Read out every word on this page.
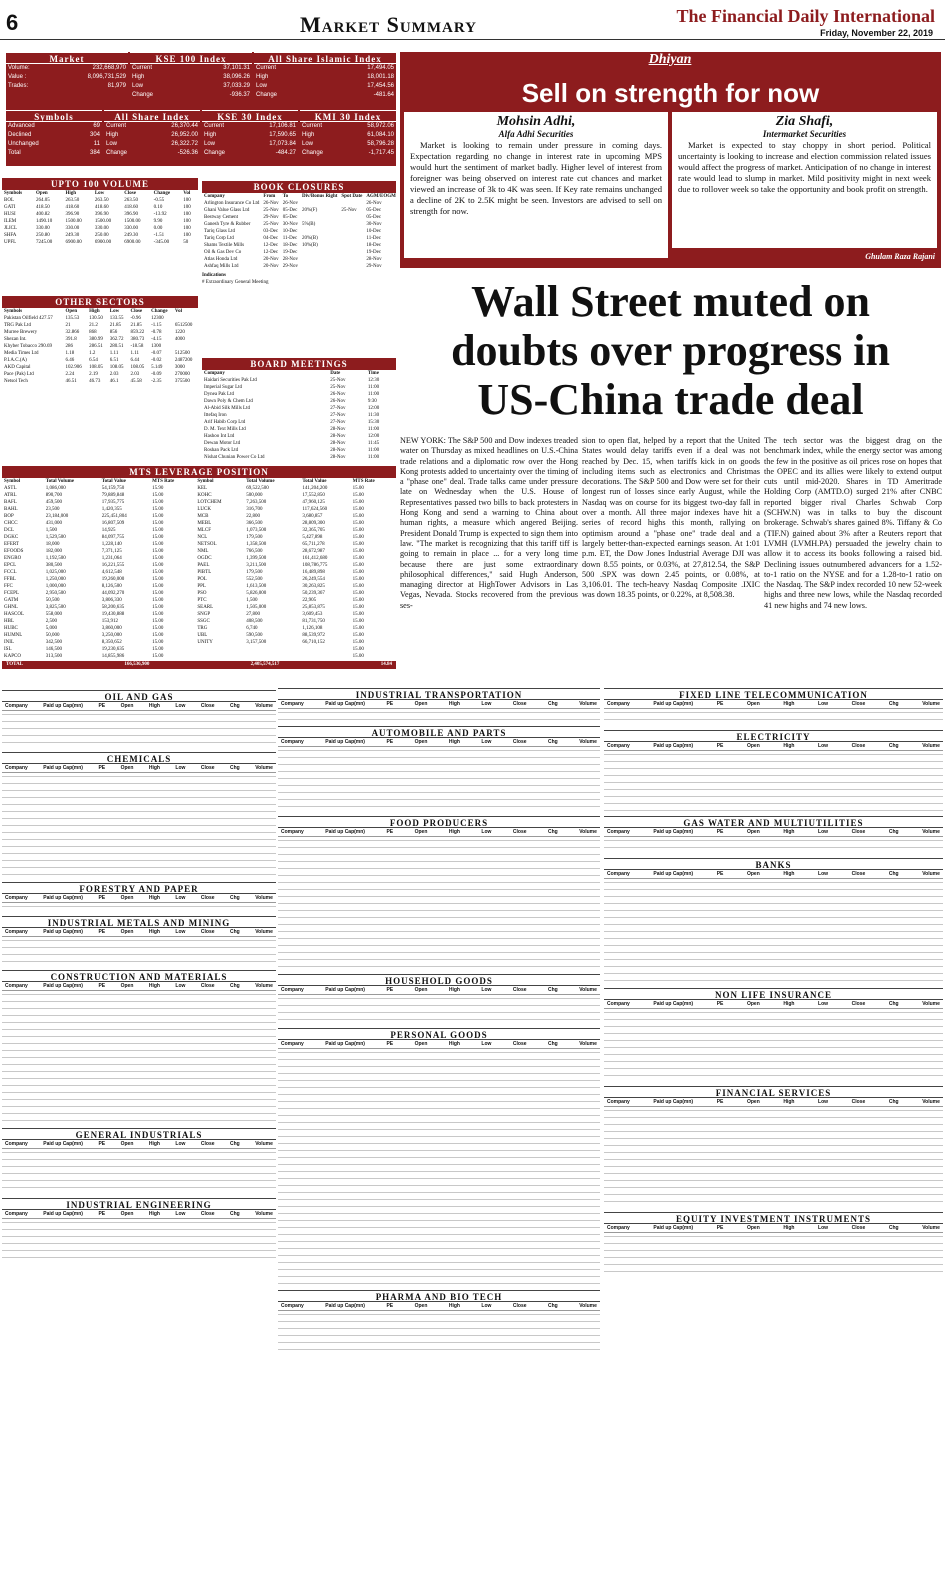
6	Market Summary	The Financial Daily International
Friday, November 22, 2019
Market
Volume:	232,668,970
Value :	8,096,731,529
Trades:	81,979
KSE 100 Index
Current	37,101.31
High	38,096.26
Low	37,033.29
Change	-936.37
All Share Islamic Index
Current	17,494.05
High	18,001.18
Low	17,454.56
Change	-481.64
Symbols
Advanced	69
Declined	304
Unchanged	11
Total	384
All Share Index
Current	26,370.44
High	26,952.00
Low	26,322.72
Change	-526.36
KSE 30 Index
Current	17,106.81
High	17,590.65
Low	17,073.84
Change	-484.27
KMI 30 Index
Current	58,972.06
High	61,084.10
Low	58,796.28
Change	-1,717.45
UPTO 100 VOLUME
Symbols	Open	High	Low	Close	Change	Vol
BOL	264.05	263.50	263.50	263.50	-0.55	100
GATI	418.50	418.60	418.60	418.60	0.10	100
HUSI	400.82	396.90	396.90	396.90	-13.92	100
ILEM	1490.10	1500.00	1500.00	1500.00	9.90	100
JLICL	330.00	330.00	330.00	330.00	0.00	100
SHFA	250.80	249.30	250.00	249.30	-1.51	100
UPFL	7245.00	6900.00	6900.00	6900.00	-345.00	50
OTHER SECTORS
Symbols	Open	High	Low	Close	Change	Vol
Pakistan Oilfield 427.57	135.53	130.50	133.55	-0.96	12300	
TRG Pak Ltd	21	21.2	21.85	21.85	-1.15	6512500
Murree Brewery	32.866	868	856	859.22	-0.78	1220
Shezan Int.	391.8	380.99	362.72	380.73	-4.15	4000
Khyber Tobacco 290.69	286	286.51	280.51	-18.58	1300	
Media Times Ltd	1.18	1.2	1.11	1.11	-0.07	512500
P.I.A.C.(A)	6.46	6.54	6.51	6.44	-0.02	2487200
AKD Capital	102.906	108.05	108.05	108.05	5.149	3000
Pace (Pak) Ltd	2.24	2.19	2.03	2.03	-0.09	270000
Netsol Tech	46.51	46.73	46.1	45.58	-2.35	375500
BOOK CLOSURES
Company	From	To	Div/Bonus Right	Spot Date	AGM/EOGM
Arlington Insurance Co Ltd	26-Nov	26-Nov			26-Nov
Ghani Value Glass Ltd	25-Nov	05-Dec	20%(F)	25-Nov	05-Dec
Bestway Cement	29-Nov	05-Dec			05-Dec
Ganesh Tyre & Rubber	25-Nov	30-Nov	5%(B)		30-Nov
Tariq Glass Ltd	03-Dec	10-Dec			10-Dec
Tariq Corp Ltd	04-Dec	11-Dec	20%(B)		11-Dec
Shams Textile Mills	12-Dec	18-Dec	10%(B)		18-Dec
Oil & Gas Dev Co	12-Dec	19-Dec			19-Dec
Atlas Honda Ltd	20-Nov	28-Nov			28-Nov
Ashfaq Mills Ltd	20-Nov	29-Nov			29-Nov
Indications
# Extraordinary General Meeting
BOARD MEETINGS
Company	Date	Time
Haidari Securities Pak Ltd	25-Nov	12:30
Imperial Sugar Ltd	25-Nov	11:00
Dynea Pak Ltd	26-Nov	11:00
Dawn Poly & Chem Ltd	26-Nov	9:30
Al-Abid Silk Mills Ltd	27-Nov	12:00
Ittefaq Iron	27-Nov	11:30
Arif Habib Corp Ltd	27-Nov	15:30
D. M. Text Mills Ltd	28-Nov	11:00
Hashoo Int Ltd	28-Nov	12:00
Dewan Motor Ltd	28-Nov	11:45
Roshan Pack Ltd	28-Nov	11:00
Nishat Chunian Power Co Ltd	28-Nov	11:00
MTS LEVERAGE POSITION
Symbol	Total Volume	Total Value	MTS Rate	Symbol	Total Volume	Total Value	MTS Rate
ASTL	1,086,000	54,159,750	15.90	KEL	69,522,500	141,204,200	15.00
ATRL	890,700	79,889,848	15.00	KOHC	500,000	17,552,850	15.00
BAFL	459,500	17,935,775	15.00	LOTCHEM	7,263,500	47,960,125	15.00
BAHL	23,500	1,420,355	15.00	LUCK	316,700	117,624,560	15.00
BOP	23,184,000	225,451,804	15.00	MCB	22,800	3,680,857	15.00
CHCC	431,000	16,807,509	15.00	MEBL	366,500	28,809,300	15.00
DCL	1,500	14,925	15.00	MLCF	1,073,500	32,365,705	15.00
DGKC	1,529,500	84,097,755	15.00	NCL	179,500	5,427,898	15.00
EFERT	18,000	1,228,140	15.00	NETSOL	1,358,500	65,711,278	15.00
EFOODS	182,000	7,371,125	15.00	NML	766,500	28,672,987	15.00
ENGRO	1,192,500	1,231,064	15.00	OGDC	1,399,500	161,412,680	15.00
EPCL	380,500	16,221,555	15.00	PAEL	3,211,500	108,786,775	15.00
FCCL	1,025,000	4,612,548	15.00	PIBTL	179,500	16,489,898	15.00
FFBL	1,250,000	19,260,000	15.00	POL	552,500	26,249,554	15.00
FFC	1,000,000	8,126,500	15.00	PPL	1,613,500	30,263,825	15.00
FCEPL	2,950,500	44,092,270	15.00	PSO	5,826,000	50,239,367	15.00
GATM	50,500	3,806,330	15.00	PTC	1,500	22,905	15.00
GHNL	3,825,500	58,200,635	15.00	SEARL	1,505,000	25,853,875	15.00
HASCOL	558,000	19,430,888	15.00	SNGP	27,800	3,609,453	15.00
HBL	2,500	153,912	15.00	SSGC	408,500	81,731,750	15.00
HUBC	5,000	3,860,000	15.00	TRG	6,740	1,126,108	15.00
HUMNL	50,000	3,250,000	15.00	UBL	590,500	88,539,972	15.00
INIL	342,500	8,350,652	15.00	UNITY	3,157,500	66,710,152	15.00
ISL	146,500	19,230,635	15.00				15.00
KAPCO	313,500	14,855,986	15.00				15.00
TOTAL	166,536,900	2,405,574,517	14.84
Dhiyan
Sell on strength for now
Mohsin Adhi,
Alfa Adhi Securities
Market is looking to remain under pressure in coming days. Expectation regarding no change in interest rate in upcoming MPS would hurt the sentiment of market badly. Higher level of interest from foreigner was being observed on interest rate cut chances and market viewed an increase of 3k to 4K was seen. If Key rate remains unchanged a decline of 2K to 2.5K might be seen. Investors are advised to sell on strength for now.
Zia Shafi,
Intermarket Securities
Market is expected to stay choppy in short period. Political uncertainty is looking to increase and election commission related issues would affect the progress of market. Anticipation of no change in interest rate would lead to slump in market. Mild positivity might in next week due to rollover week so take the opportunity and book profit on strength.
Ghulam Raza Rajani
Wall Street muted on doubts over progress in US-China trade deal
NEW YORK: The S&P 500 and Dow indexes treaded water on Thursday as mixed headlines on U.S.-China trade relations and a diplomatic row over the Hong Kong protests added to uncertainty over the timing of a "phase one" deal. Trade talks came under pressure late on Wednesday when the U.S. House of Representatives passed two bills to back protesters in Hong Kong and send a warning to China about human rights, a measure which angered Beijing. President Donald Trump is expected to sign them into law. "The market is recognizing that this tariff tiff is going to remain in place ... for a very long time because there are just some extraordinary philosophical differences," said Hugh Anderson, managing director at HighTower Advisors in Las Vegas, Nevada. Stocks recovered from the previous ses-
sion to open flat, helped by a report that the United States would delay tariffs even if a deal was not reached by Dec. 15, when tariffs kick in on goods including items such as electronics and Christmas decorations. The S&P 500 and Dow were set for their longest run of losses since early August, while the Nasdaq was on course for its biggest two-day fall in over a month. All three major indexes have hit a series of record highs this month, rallying on optimism around a "phase one" trade deal and a largely better-than-expected earnings season. At 1:01 p.m. ET, the Dow Jones Industrial Average DJI was down 8.55 points, or 0.03%, at 27,812.54, the S&P 500 .SPX was down 2.45 points, or 0.08%, at 3,106.01. The tech-heavy Nasdaq Composite .IXIC was down 18.35 points, or 0.22%, at 8,508.38.
The tech sector was the biggest drag on the benchmark index, while the energy sector was among the few in the positive as oil prices rose on hopes that the OPEC and its allies were likely to extend output cuts until mid-2020. Shares in TD Ameritrade Holding Corp (AMTD.O) surged 21% after CNBC reported bigger rival Charles Schwab Corp (SCHW.N) was in talks to buy the discount brokerage. Schwab's shares gained 8%. Tiffany & Co (TIF.N) gained about 3% after a Reuters report that LVMH (LVMH.PA) persuaded the jewelry chain to allow it to access its books following a raised bid. Declining issues outnumbered advancers for a 1.52-to-1 ratio on the NYSE and for a 1.28-to-1 ratio on the Nasdaq. The S&P index recorded 10 new 52-week highs and three new lows, while the Nasdaq recorded 41 new highs and 74 new lows.
OIL AND GAS
Company	Paid up Cap(mn)	PE	Open	High	Low	Close	Chg	Volume
CHEMICALS
Company	Paid up Cap(mn)	PE	Open	High	Low	Close	Chg	Volume
FORESTRY AND PAPER
Company	Paid up Cap(mn)	PE	Open	High	Low	Close	Chg	Volume
INDUSTRIAL METALS AND MINING
Company	Paid up Cap(mn)	PE	Open	High	Low	Close	Chg	Volume
CONSTRUCTION AND MATERIALS
Company	Paid up Cap(mn)	PE	Open	High	Low	Close	Chg	Volume
GENERAL INDUSTRIALS
Company	Paid up Cap(mn)	PE	Open	High	Low	Close	Chg	Volume
INDUSTRIAL ENGINEERING
Company	Paid up Cap(mn)	PE	Open	High	Low	Close	Chg	Volume
INDUSTRIAL TRANSPORTATION
Company	Paid up Cap(mn)	PE	Open	High	Low	Close	Chg	Volume
AUTOMOBILE AND PARTS
Company	Paid up Cap(mn)	PE	Open	High	Low	Close	Chg	Volume
FOOD PRODUCERS
Company	Paid up Cap(mn)	PE	Open	High	Low	Close	Chg	Volume
HOUSEHOLD GOODS
Company	Paid up Cap(mn)	PE	Open	High	Low	Close	Chg	Volume
PERSONAL GOODS
Company	Paid up Cap(mn)	PE	Open	High	Low	Close	Chg	Volume
PHARMA AND BIO TECH
Company	Paid up Cap(mn)	PE	Open	High	Low	Close	Chg	Volume
FIXED LINE TELECOMMUNICATION
Company	Paid up Cap(mn)	PE	Open	High	Low	Close	Chg	Volume
ELECTRICITY
Company	Paid up Cap(mn)	PE	Open	High	Low	Close	Chg	Volume
GAS WATER AND MULTIUTILITIES
Company	Paid up Cap(mn)	PE	Open	High	Low	Close	Chg	Volume
BANKS
Company	Paid up Cap(mn)	PE	Open	High	Low	Close	Chg	Volume
NON LIFE INSURANCE
Company	Paid up Cap(mn)	PE	Open	High	Low	Close	Chg	Volume
FINANCIAL SERVICES
Company	Paid up Cap(mn)	PE	Open	High	Low	Close	Chg	Volume
EQUITY INVESTMENT INSTRUMENTS
Company	Paid up Cap(mn)	PE	Open	High	Low	Close	Chg	Volume
